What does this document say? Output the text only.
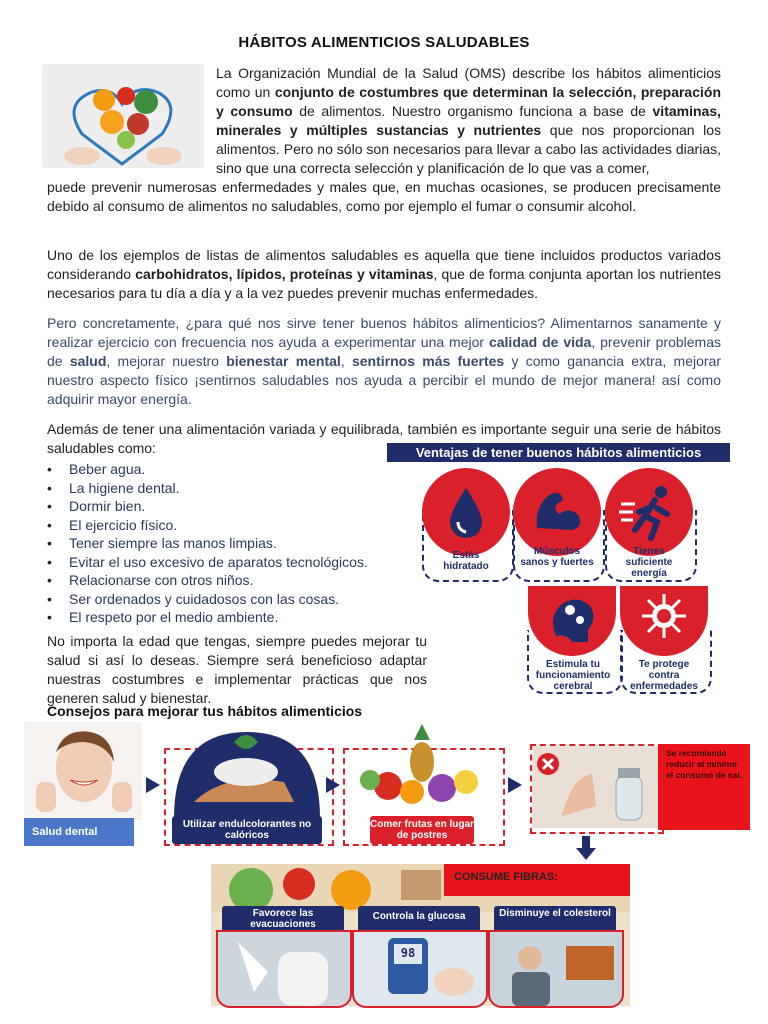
HÁBITOS ALIMENTICIOS SALUDABLES
La Organización Mundial de la Salud (OMS) describe los hábitos alimenticios como un conjunto de costumbres que determinan la selección, preparación y consumo de alimentos. Nuestro organismo funciona a base de vitaminas, minerales y múltiples sustancias y nutrientes que nos proporcionan los alimentos. Pero no sólo son necesarios para llevar a cabo las actividades diarias, sino que una correcta selección y planificación de lo que vas a comer,
puede prevenir numerosas enfermedades y males que, en muchas ocasiones, se producen precisamente debido al consumo de alimentos no saludables, como por ejemplo el fumar o consumir alcohol.
Uno de los ejemplos de listas de alimentos saludables es aquella que tiene incluidos productos variados considerando carbohidratos, lípidos, proteínas y vitaminas, que de forma conjunta aportan los nutrientes necesarios para tu día a día y a la vez puedes prevenir muchas enfermedades.
Pero concretamente, ¿para qué nos sirve tener buenos hábitos alimenticios? Alimentarnos sanamente y realizar ejercicio con frecuencia nos ayuda a experimentar una mejor calidad de vida, prevenir problemas de salud, mejorar nuestro bienestar mental, sentirnos más fuertes y como ganancia extra, mejorar nuestro aspecto físico ¡sentirnos saludables nos ayuda a percibir el mundo de mejor manera! así como adquirir mayor energía.
Además de tener una alimentación variada y equilibrada, también es importante seguir una serie de hábitos saludables como:
• Beber agua.
• La higiene dental.
• Dormir bien.
• El ejercicio físico.
• Tener siempre las manos limpias.
• Evitar el uso excesivo de aparatos tecnológicos.
• Relacionarse con otros niños.
• Ser ordenados y cuidadosos con las cosas.
• El respeto por el medio ambiente.
No importa la edad que tengas, siempre puedes mejorar tu salud si así lo deseas. Siempre será beneficioso adaptar nuestras costumbres e implementar prácticas que nos generen salud y bienestar.
Ventajas de tener buenos hábitos alimenticios
Estás hidratado
Músculos sanos y fuertes
Tienes suficiente energía
Estimula tu funcionamiento cerebral
Te protege contra enfermedades
Consejos para mejorar tus hábitos alimenticios
Salud dental
Utilizar endulcolorantes no calóricos
Comer frutas en lugar de postres
Se recomienda reducir al mínimo el consumo de sal.
CONSUME FIBRAS:
Favorece las evacuaciones
Controla la glucosa	Disminuye el colesterol
98
